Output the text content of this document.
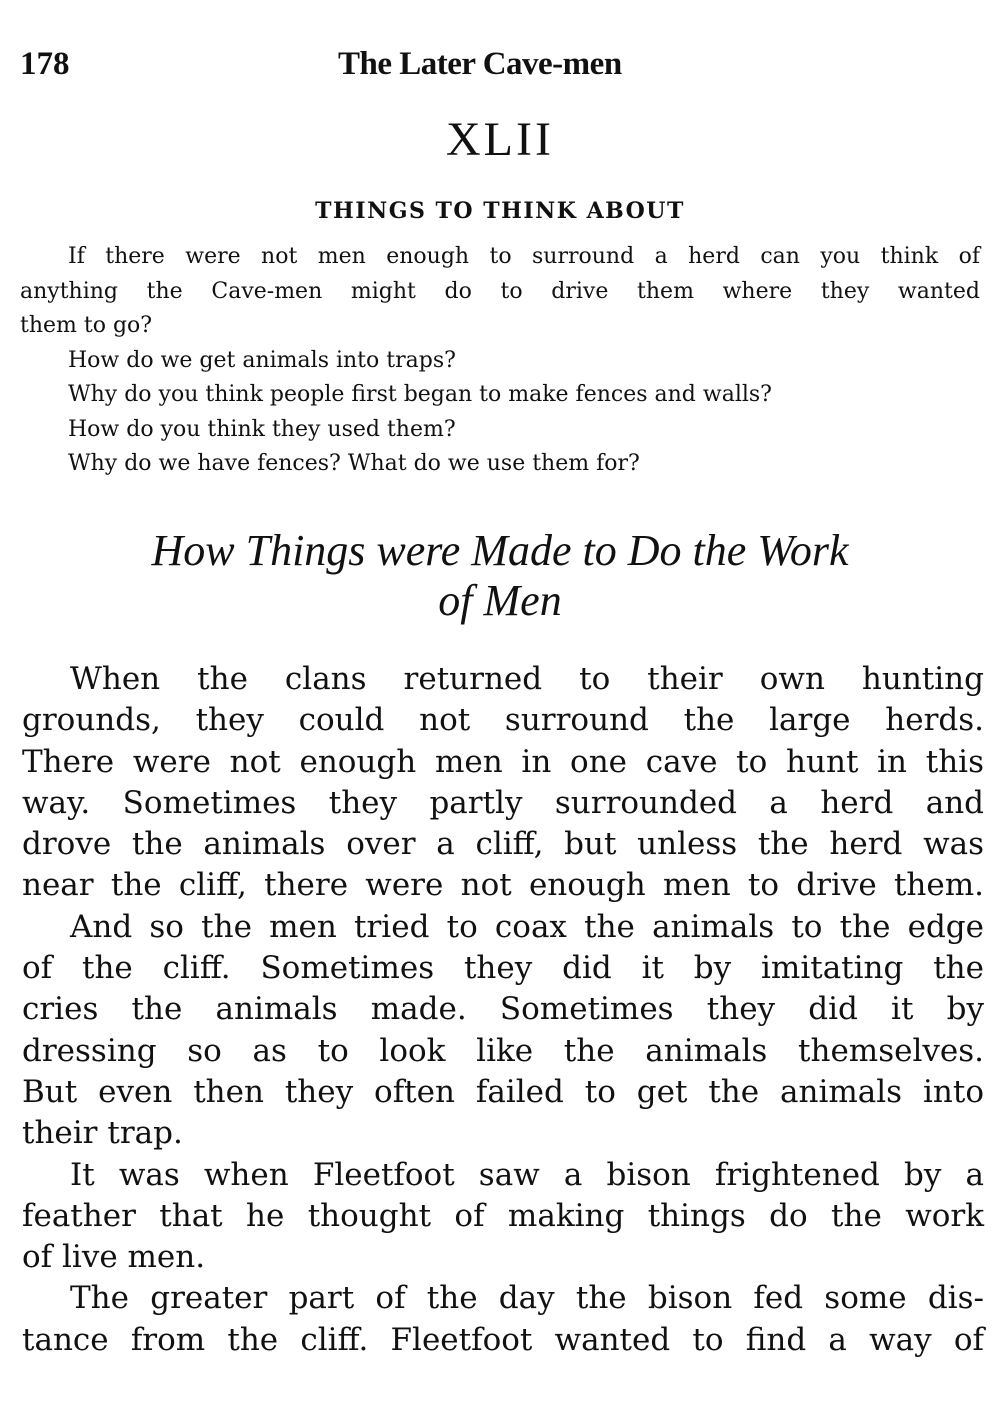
178	The Later Cave-men
XLII
THINGS TO THINK ABOUT
If there were not men enough to surround a herd can you think of
anything the Cave-men might do to drive them where they wanted
them to go?
How do we get animals into traps?
Why do you think people first began to make fences and walls?
How do you think they used them?
Why do we have fences? What do we use them for?
How Things were Made to Do the Work
of Men
When the clans returned to their own hunting
grounds, they could not surround the large herds.
There were not enough men in one cave to hunt in this
way. Sometimes they partly surrounded a herd and
drove the animals over a cliff, but unless the herd was
near the cliff, there were not enough men to drive them.
And so the men tried to coax the animals to the edge
of the cliff. Sometimes they did it by imitating the
cries the animals made. Sometimes they did it by
dressing so as to look like the animals themselves.
But even then they often failed to get the animals into
their trap.
It was when Fleetfoot saw a bison frightened by a
feather that he thought of making things do the work
of live men.
The greater part of the day the bison fed some dis-
tance from the cliff. Fleetfoot wanted to find a way of
